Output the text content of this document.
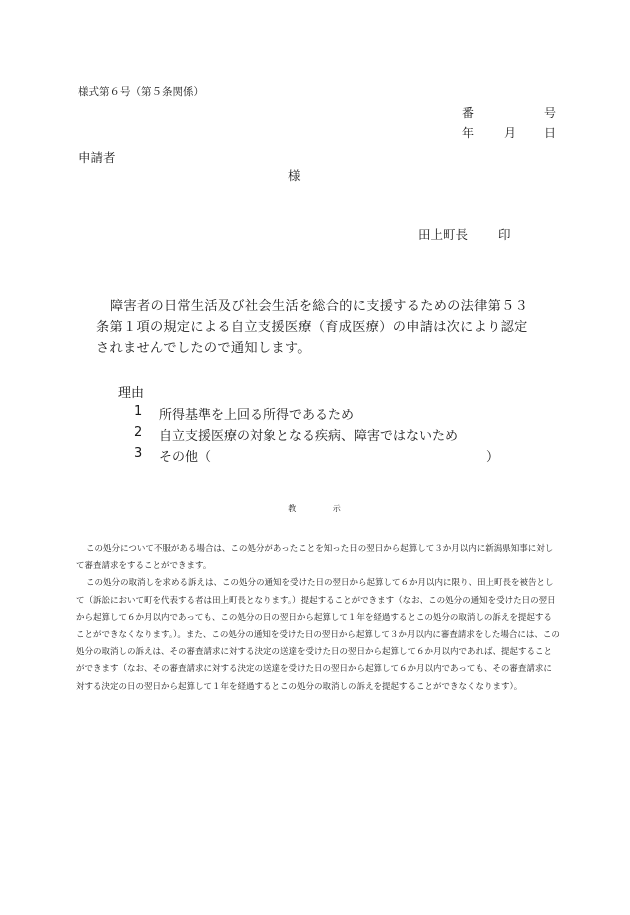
様式第６号（第５条関係）
番	号
年 月 日
申請者
様
田上町長 印
障害者の日常生活及び社会生活を総合的に支援するための法律第５３条第１項の規定による自立支援医療（育成医療）の申請は次により認定されませんでしたので通知します。
理由
1 所得基準を上回る所得であるため
2 自立支援医療の対象となる疾病、障害ではないため
3 その他（	）
教	示

この処分について不服がある場合は、この処分があったことを知った日の翌日から起算して３か月以内に新潟県知事に対して審査請求をすることができます。

この処分の取消しを求める訴えは、この処分の通知を受けた日の翌日から起算して６か月以内に限り、田上町長を被告として（訴訟において町を代表する者は田上町長となります。）提起することができます（なお、この処分の通知を受けた日の翌日から起算して６か月以内であっても、この処分の日の翌日から起算して１年を経過するとこの処分の取消しの訴えを提起することができなくなります。）。また、この処分の通知を受けた日の翌日から起算して３か月以内に審査請求をした場合には、この処分の取消しの訴えは、その審査請求に対する決定の送達を受けた日の翌日から起算して６か月以内であれば、提起することができます（なお、その審査請求に対する決定の送達を受けた日の翌日から起算して６か月以内であっても、その審査請求に対する決定の日の翌日から起算して１年を経過するとこの処分の取消しの訴えを提起することができなくなります）。
